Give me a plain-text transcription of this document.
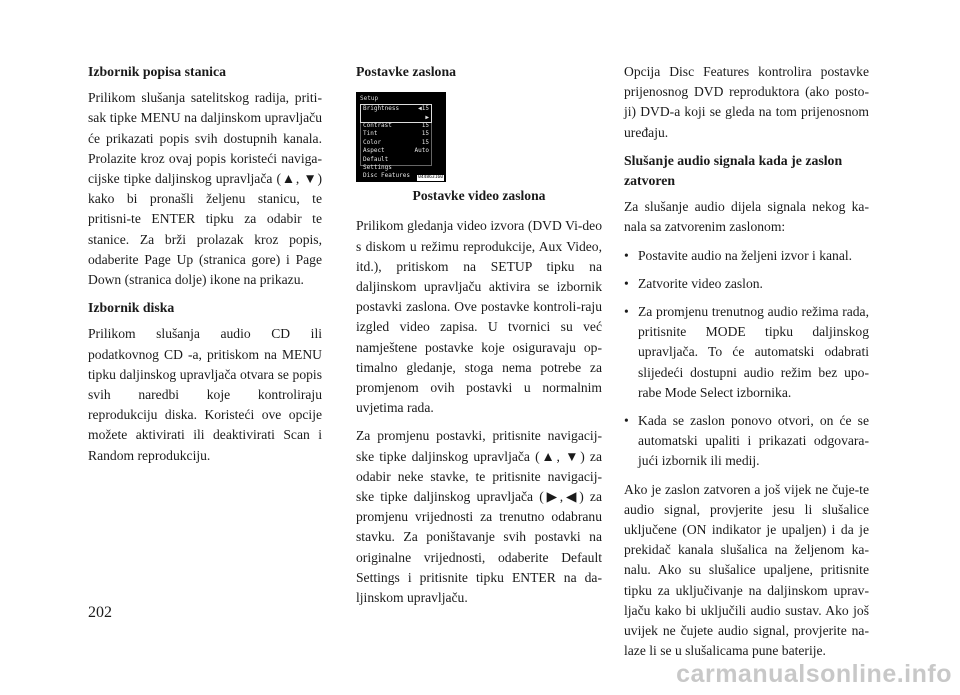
Izbornik popisa stanica

Prilikom slušanja satelitskog radija, priti-sak tipke MENU na daljinskom upravljaču će prikazati popis svih dostupnih kanala. Prolazite kroz ovaj popis koristeći naviga-cijske tipke daljinskog upravljača (▲, ▼) kako bi pronašli željenu stanicu, te pritisni-te ENTER tipku za odabir te stanice. Za brži prolazak kroz popis, odaberite Page Up (stranica gore) i Page Down (stranica dolje) ikone na prikazu.

Izbornik diska

Prilikom slušanja audio CD ili podatkovnog CD -a, pritiskom na MENU tipku daljinskog upravljača otvara se popis svih naredbi koje kontroliraju reprodukciju diska. Koristeći ove opcije možete aktivirati ili deaktivirati Scan i Random reprodukciju.

Postavke zaslona
Setup
Brightness	◀15 ▶
Contrast	15
Tint	15
Color	15
Aspect	Auto
Default Settings
Disc Features 044863160
Postavke video zaslona

Prilikom gledanja video izvora (DVD Vi-deo s diskom u režimu reprodukcije, Aux Video, itd.), pritiskom na SETUP tipku na daljinskom upravljaču aktivira se izbornik postavki zaslona. Ove postavke kontroli-raju izgled video zapisa. U tvornici su već namještene postavke koje osiguravaju op-timalno gledanje, stoga nema potrebe za promjenom ovih postavki u normalnim uvjetima rada.

Za promjenu postavki, pritisnite navigacij-ske tipke daljinskog upravljača (▲, ▼) za odabir neke stavke, te pritisnite navigacij-ske tipke daljinskog upravljača (▶,◀) za promjenu vrijednosti za trenutno odabranu stavku. Za poništavanje svih postavki na originalne vrijednosti, odaberite Default Settings i pritisnite tipku ENTER na da-ljinskom upravljaču.

Opcija Disc Features kontrolira postavke prijenosnog DVD reproduktora (ako posto-ji) DVD-a koji se gleda na tom prijenosnom uređaju.

Slušanje audio signala kada je zaslon zatvoren

Za slušanje audio dijela signala nekog ka-nala sa zatvorenim zaslonom:

• Postavite audio na željeni izvor i kanal.
• Zatvorite video zaslon.
• Za promjenu trenutnog audio režima rada, pritisnite MODE tipku daljinskog upravljača. To će automatski odabrati slijedeći dostupni audio režim bez upo-rabe Mode Select izbornika.
• Kada se zaslon ponovo otvori, on će se automatski upaliti i prikazati odgovara-jući izbornik ili medij.

Ako je zaslon zatvoren a još vijek ne čuje-te audio signal, provjerite jesu li slušalice uključene (ON indikator je upaljen) i da je prekidač kanala slušalica na željenom ka-nalu. Ako su slušalice upaljene, pritisnite tipku za uključivanje na daljinskom uprav-ljaču kako bi uključili audio sustav. Ako još uvijek ne čujete audio signal, provjerite na-laze li se u slušalicama pune baterije.

202
carmanualsonline.info
